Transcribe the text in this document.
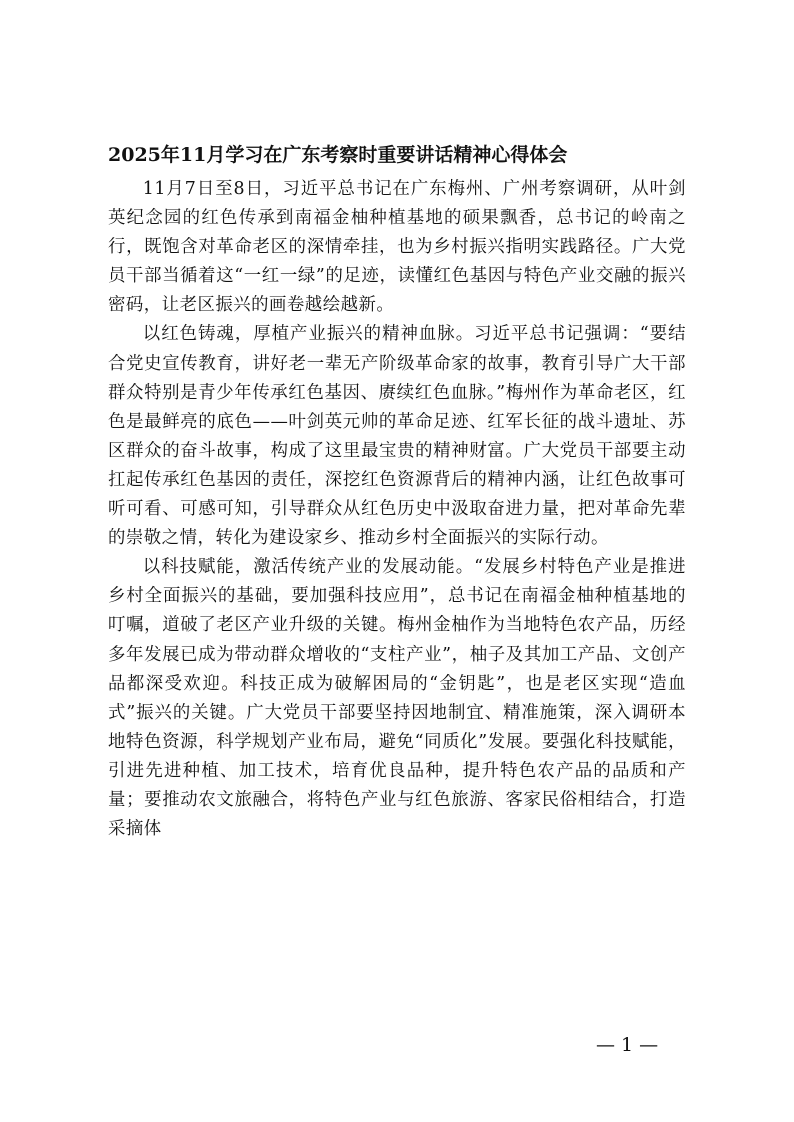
2025年11月学习在广东考察时重要讲话精神心得体会

11月7日至8日，习近平总书记在广东梅州、广州考察调研，从叶剑英纪念园的红色传承到南福金柚种植基地的硕果飘香，总书记的岭南之行，既饱含对革命老区的深情牵挂，也为乡村振兴指明实践路径。广大党员干部当循着这“一红一绿”的足迹，读懂红色基因与特色产业交融的振兴密码，让老区振兴的画卷越绘越新。

以红色铸魂，厚植产业振兴的精神血脉。习近平总书记强调：“要结合党史宣传教育，讲好老一辈无产阶级革命家的故事，教育引导广大干部群众特别是青少年传承红色基因、赓续红色血脉。”梅州作为革命老区，红色是最鲜亮的底色——叶剑英元帅的革命足迹、红军长征的战斗遗址、苏区群众的奋斗故事，构成了这里最宝贵的精神财富。广大党员干部要主动扛起传承红色基因的责任，深挖红色资源背后的精神内涵，让红色故事可听可看、可感可知，引导群众从红色历史中汲取奋进力量，把对革命先辈的崇敬之情，转化为建设家乡、推动乡村全面振兴的实际行动。

以科技赋能，激活传统产业的发展动能。“发展乡村特色产业是推进乡村全面振兴的基础，要加强科技应用”，总书记在南福金柚种植基地的叮嘱，道破了老区产业升级的关键。梅州金柚作为当地特色农产品，历经多年发展已成为带动群众增收的“支柱产业”，柚子及其加工产品、文创产品都深受欢迎。科技正成为破解困局的“金钥匙”，也是老区实现“造血式”振兴的关键。广大党员干部要坚持因地制宜、精准施策，深入调研本地特色资源，科学规划产业布局，避免“同质化”发展。要强化科技赋能，引进先进种植、加工技术，培育优良品种，提升特色农产品的品质和产量；要推动农文旅融合，将特色产业与红色旅游、客家民俗相结合，打造采摘体

— 1 —
